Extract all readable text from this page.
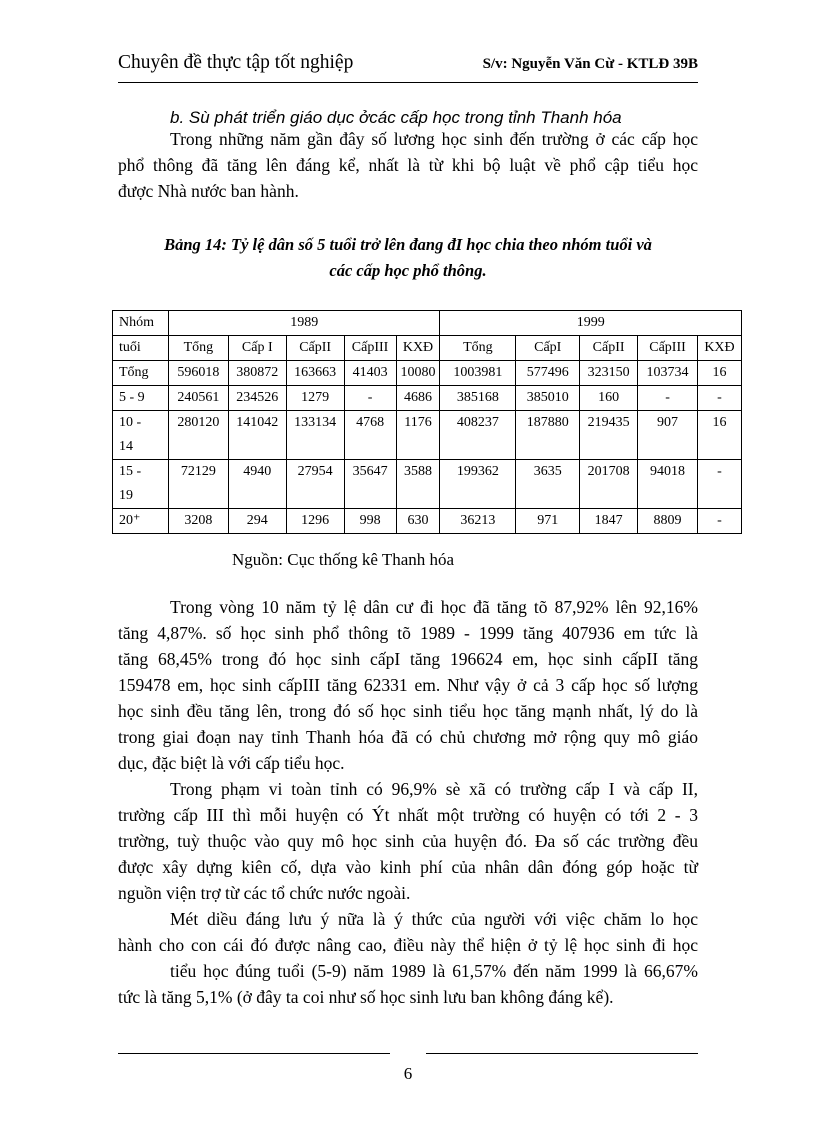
Chuyên đề thực tập tốt nghiệp	S/v: Nguyễn Văn Cừ - KTLĐ 39B
b. Sù phát triển giáo dục ởcác cấp học trong tỉnh Thanh hóa
Trong những năm gần đây số lương học sinh đến trường ở các cấp học
phổ thông đã tăng lên đáng kể, nhất là từ khi bộ luật về phổ cập tiểu học
được Nhà nước ban hành.
Bảng 14: Tỷ lệ dân số 5 tuổi trở lên đang đI học chia theo nhóm tuổi và
các cấp học phổ thông.
Nhóm	1989					1999				
tuổi	Tổng	Cấp I	CấpII	CấpIII	KXĐ	Tổng	CấpI	CấpII	CấpIII	KXĐ
Tổng	596018	380872	163663	41403	10080	1003981	577496	323150	103734	16
5 - 9	240561	234526	1279	-	4686	385168	385010	160	-	-

10 -
14	280120	141042	133134	4768	1176	408237	187880	219435	907	16

15 -
19	72129	4940	27954	35647	3588	199362	3635	201708	94018	-
20⁺	3208	294	1296	998	630	36213	971	1847	8809	-
Nguồn: Cục thống kê Thanh hóa
Trong vòng 10 năm tỷ lệ dân cư đi học đã tăng tõ 87,92% lên 92,16%
tăng 4,87%. số học sinh phổ thông tõ 1989 - 1999 tăng 407936 em tức là
tăng 68,45% trong đó học sinh cấpI tăng 196624 em, học sinh cấpII tăng
159478 em, học sinh cấpIII tăng 62331 em. Như vậy ở cả 3 cấp học số lượng
học sinh đều tăng lên, trong đó số học sinh tiểu học tăng mạnh nhất, lý do là
trong giai đoạn nay tỉnh Thanh hóa đã có chủ chương mở rộng quy mô giáo
dục, đặc biệt là với cấp tiểu học.
Trong phạm vi toàn tỉnh có 96,9% sè xã có trường cấp I và cấp II,
trường cấp III thì mỗi huyện có Ýt nhất một trường có huyện có tới 2 - 3
trường, tuỳ thuộc vào quy mô học sinh của huyện đó. Đa số các trường đều
được xây dựng kiên cố, dựa vào kinh phí của nhân dân đóng góp hoặc từ
nguồn viện trợ từ các tổ chức nước ngoài.
Mét diều đáng lưu ý nữa là ý thức của người với việc chăm lo học
hành cho con cái đó được nâng cao, điều này thể hiện ở tỷ lệ học sinh đi học
tiểu học đúng tuổi (5-9) năm 1989 là 61,57% đến năm 1999 là 66,67%
tức là tăng 5,1% (ở đây ta coi như số học sinh lưu ban không đáng kể).
6
